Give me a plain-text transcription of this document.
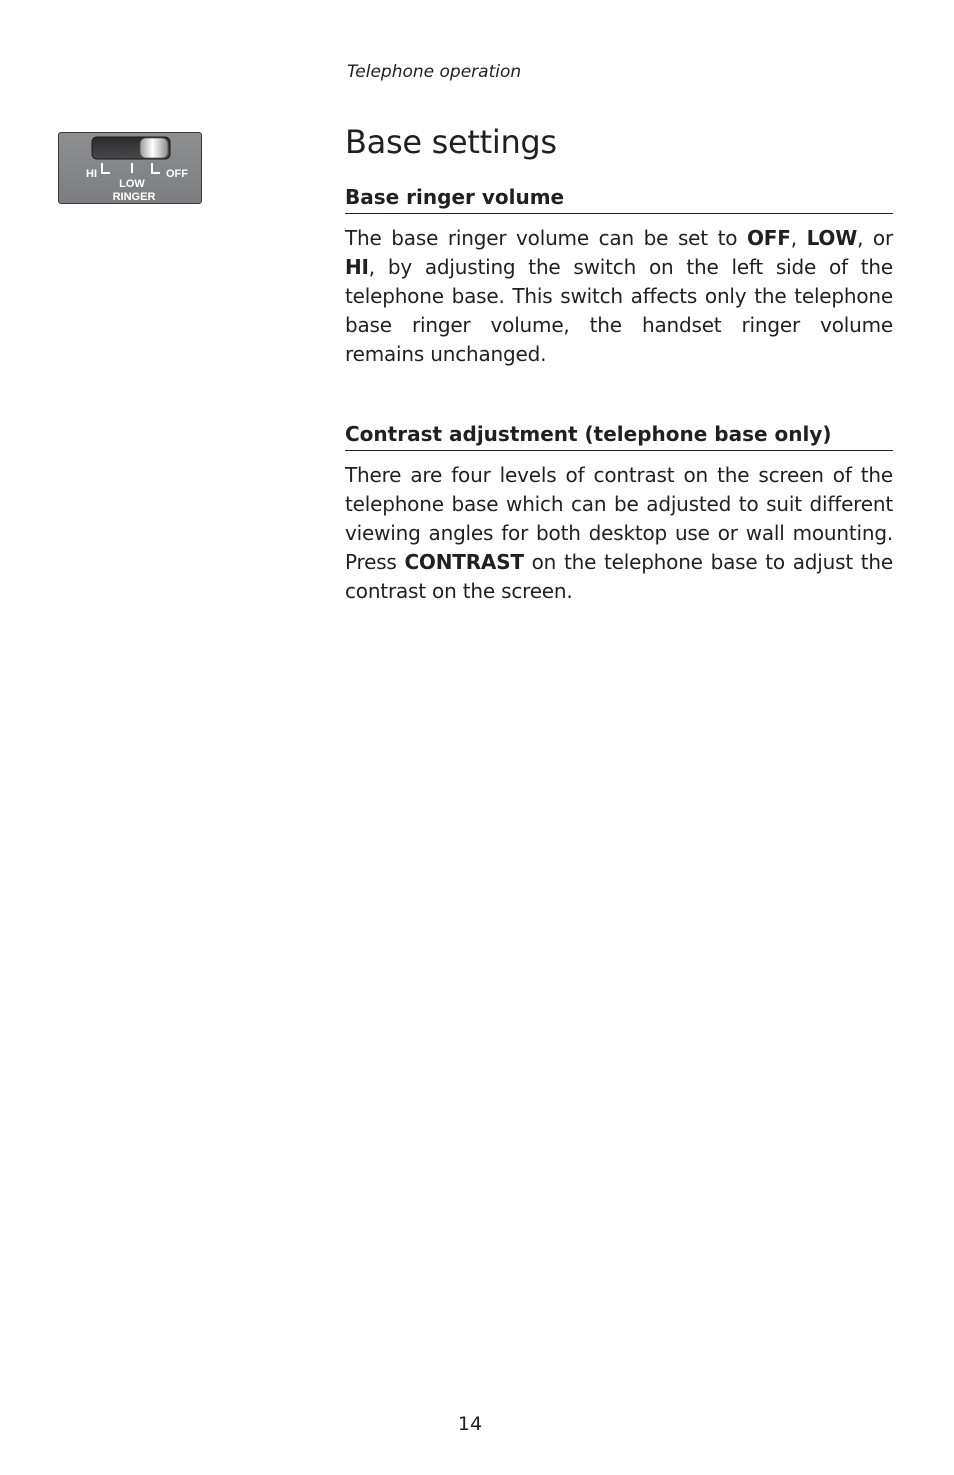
Telephone operation
HI	OFF
LOW
RINGER
Base settings
Base ringer volume

The base ringer volume can be set to OFF, LOW, or HI, by adjusting the switch on the left side of the telephone base. This switch affects only the telephone base ringer volume, the handset ringer volume remains unchanged.

Contrast adjustment (telephone base only)

There are four levels of contrast on the screen of the telephone base which can be adjusted to suit different viewing angles for both desktop use or wall mounting. Press CONTRAST on the telephone base to adjust the contrast on the screen.

14
